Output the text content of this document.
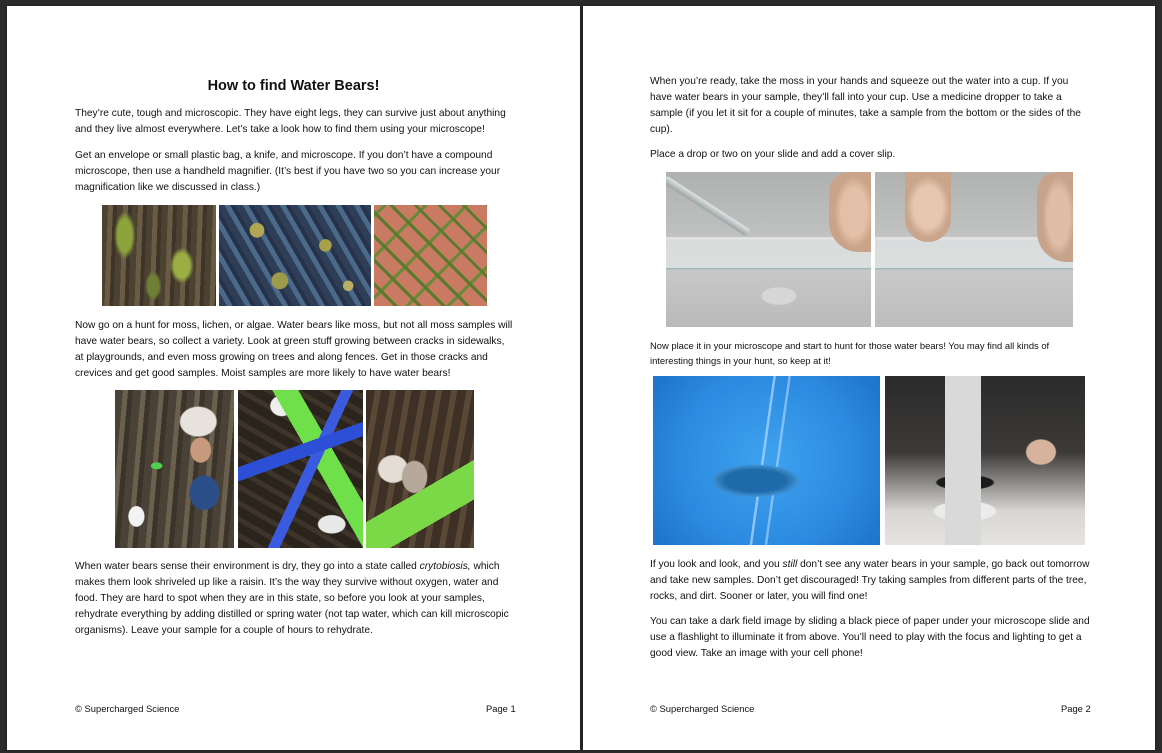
How to find Water Bears!

They’re cute, tough and microscopic. They have eight legs, they can survive just about anything and they live almost everywhere. Let’s take a look how to find them using your microscope!

Get an envelope or small plastic bag, a knife, and microscope. If you don’t have a compound microscope, then use a handheld magnifier. (It’s best if you have two so you can increase your magnification like we discussed in class.)

Now go on a hunt for moss, lichen, or algae. Water bears like moss, but not all moss samples will have water bears, so collect a variety. Look at green stuff growing between cracks in sidewalks, at playgrounds, and even moss growing on trees and along fences. Get in those cracks and crevices and get good samples. Moist samples are more likely to have water bears!

When water bears sense their environment is dry, they go into a state called crytobiosis, which makes them look shriveled up like a raisin. It’s the way they survive without oxygen, water and food. They are hard to spot when they are in this state, so before you look at your samples, rehydrate everything by adding distilled or spring water (not tap water, which can kill microscopic organisms). Leave your sample for a couple of hours to rehydrate.

© Supercharged Science	Page 1

When you’re ready, take the moss in your hands and squeeze out the water into a cup. If you have water bears in your sample, they’ll fall into your cup. Use a medicine dropper to take a sample (if you let it sit for a couple of minutes, take a sample from the bottom or the sides of the cup).

Place a drop or two on your slide and add a cover slip.

Now place it in your microscope and start to hunt for those water bears! You may find all kinds of interesting things in your hunt, so keep at it!

If you look and look, and you still don’t see any water bears in your sample, go back out tomorrow and take new samples. Don’t get discouraged! Try taking samples from different parts of the tree, rocks, and dirt. Sooner or later, you will find one!

You can take a dark field image by sliding a black piece of paper under your microscope slide and use a flashlight to illuminate it from above. You’ll need to play with the focus and lighting to get a good view. Take an image with your cell phone!

© Supercharged Science	Page 2
